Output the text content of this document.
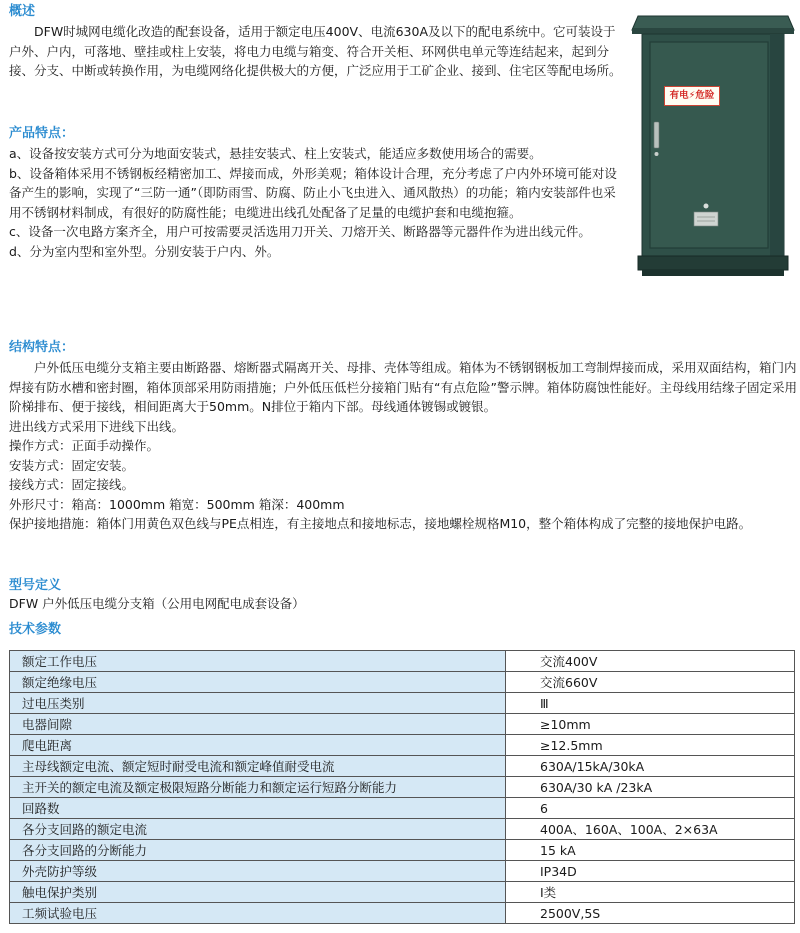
概述

DFW时城网电缆化改造的配套设备，适用于额定电压400V、电流630A及以下的配电系统中。它可装设于户外、户内，可落地、壁挂或柱上安装，将电力电缆与箱变、符合开关柜、环网供电单元等连结起来，起到分接、分支、中断或转换作用，为电缆网络化提供极大的方便，广泛应用于工矿企业、接到、住宅区等配电场所。

产品特点：

a、设备按安装方式可分为地面安装式，悬挂安装式、柱上安装式，能适应多数使用场合的需要。

b、设备箱体采用不锈钢板经精密加工、焊接而成，外形美观；箱体设计合理，充分考虑了户内外环境可能对设备产生的影响，实现了“三防一通”（即防雨雪、防腐、防止小飞虫进入、通风散热）的功能；箱内安装部件也采用不锈钢材料制成，有很好的防腐性能；电缆进出线孔处配备了足量的电缆护套和电缆抱箍。

c、设备一次电路方案齐全，用户可按需要灵活选用刀开关、刀熔开关、断路器等元器件作为进出线元件。

d、分为室内型和室外型。分别安装于户内、外。

有电⚡危险
结构特点：

户外低压电缆分支箱主要由断路器、熔断器式隔离开关、母排、壳体等组成。箱体为不锈钢钢板加工弯制焊接而成，采用双面结构，箱门内焊接有防水槽和密封圈，箱体顶部采用防雨措施；户外低压低栏分接箱门贴有“有点危险”警示牌。箱体防腐蚀性能好。主母线用结缘子固定采用阶梯排布、便于接线，相间距离大于50mm。N排位于箱内下部。母线通体镀锡或镀银。

进出线方式采用下进线下出线。

操作方式：正面手动操作。

安装方式：固定安装。

接线方式：固定接线。

外形尺寸：箱高：1000mm 箱宽：500mm 箱深：400mm

保护接地措施：箱体门用黄色双色线与PE点相连，有主接地点和接地标志，接地螺栓规格M10，整个箱体构成了完整的接地保护电路。

型号定义

DFW 户外低压电缆分支箱（公用电网配电成套设备）

技术参数
额定工作电压	交流400V
额定绝缘电压	交流660V
过电压类别	Ⅲ
电器间隙	≥10mm
爬电距离	≥12.5mm
主母线额定电流、额定短时耐受电流和额定峰值耐受电流	630A/15kA/30kA
主开关的额定电流及额定极限短路分断能力和额定运行短路分断能力	630A/30 kA /23kA
回路数	6
各分支回路的额定电流	400A、160A、100A、2×63A
各分支回路的分断能力	15 kA
外壳防护等级	IP34D
触电保护类别	Ⅰ类
工频试验电压	2500V,5S
